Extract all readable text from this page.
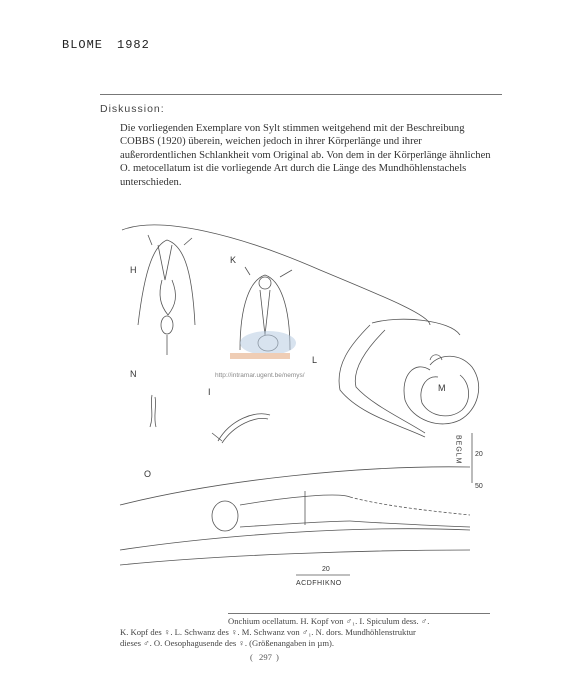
BLOME 1982
Diskussion:
Die vorliegenden Exemplare von Sylt stimmen weitgehend mit der Beschreibung COBBS (1920) überein, weichen jedoch in ihrer Körperlänge und ihrer außerordentlichen Schlankheit vom Original ab. Von dem in der Körperlänge ähnlichen O. metocellatum ist die vorliegende Art durch die Länge des Mundhöhlenstachels unterschieden.
http://intramar.ugent.be/nemys/
H
K
L
N
I	M
O
BEGLM 20
50
20
ACDFHIKNO
Onchium ocellatum. H. Kopf von ♂₁. I. Spiculum dess. ♂.
K. Kopf des ♀. L. Schwanz des ♀. M. Schwanz von ♂₁. N. dors. Mundhöhlenstruktur
dieses ♂. O. Oesophagusende des ♀. (Größenangaben in µm).
( 297 )
